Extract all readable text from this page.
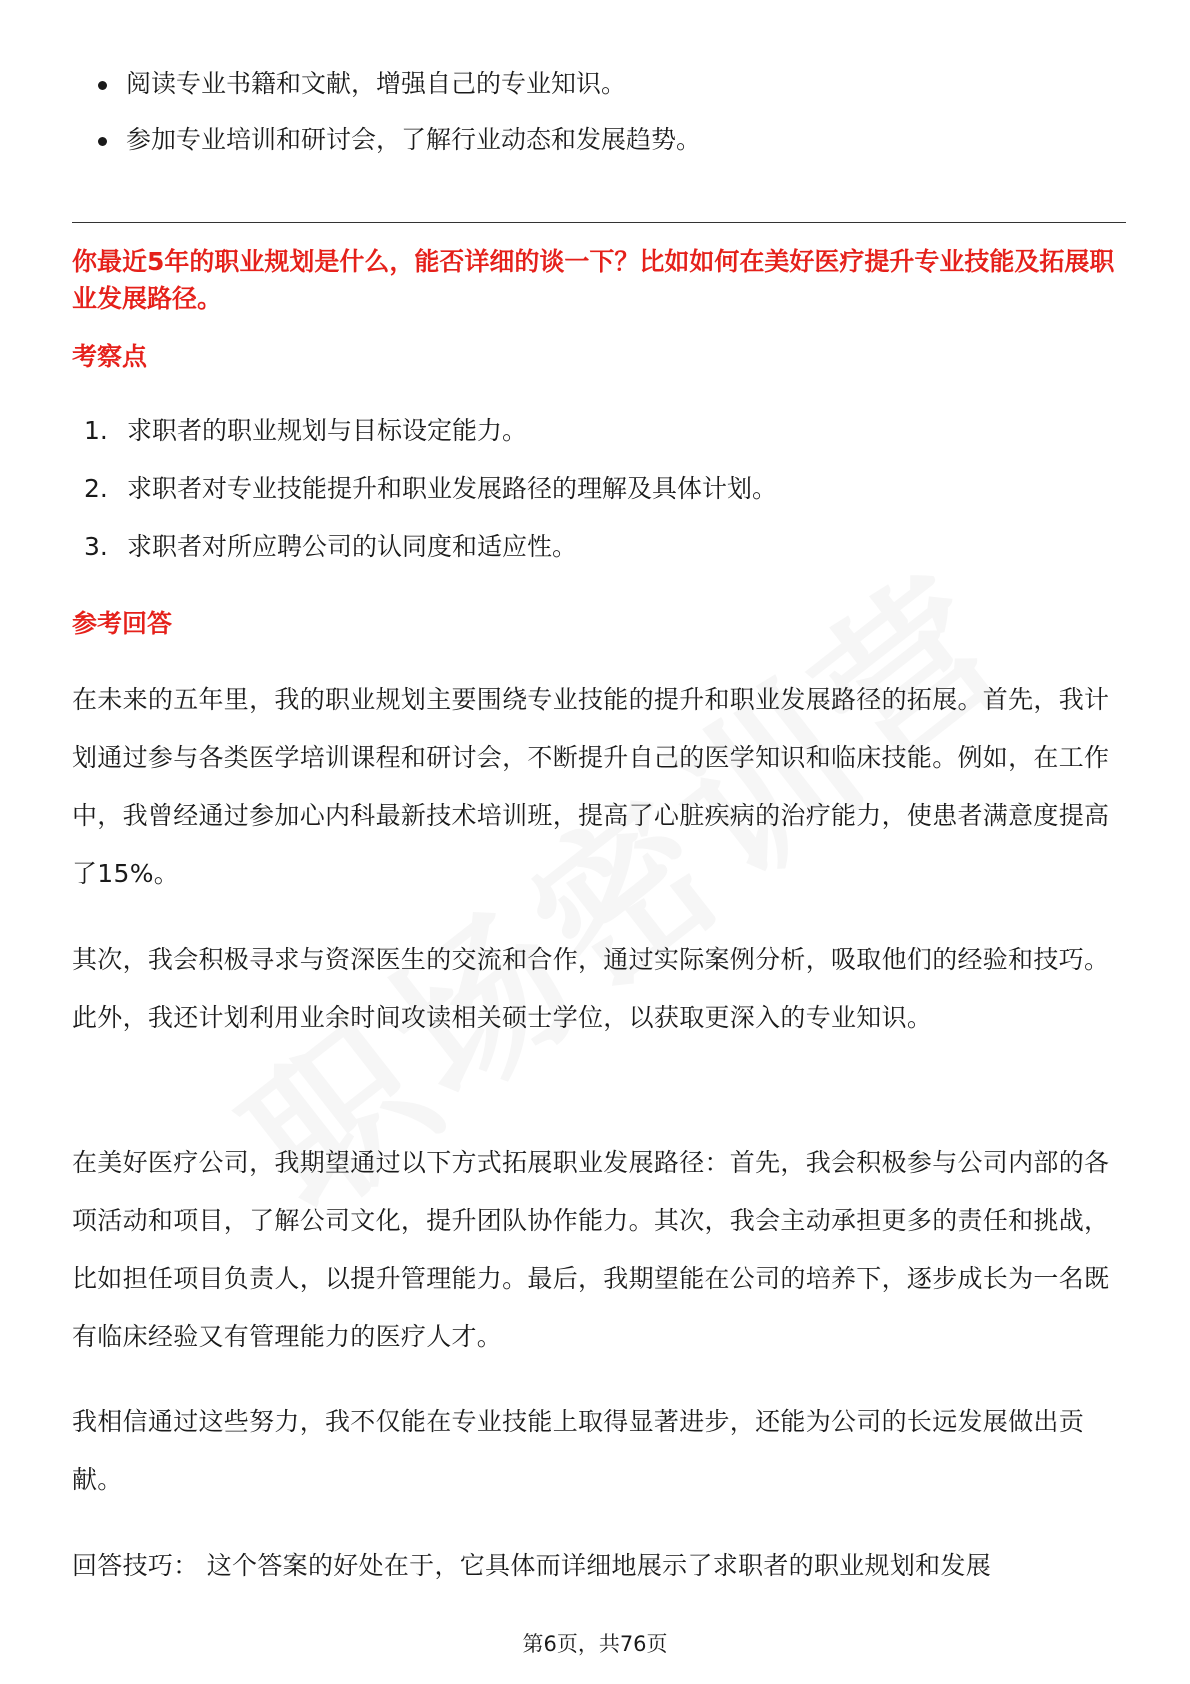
阅读专业书籍和文献，增强自己的专业知识。
参加专业培训和研讨会，了解行业动态和发展趋势。
你最近5年的职业规划是什么，能否详细的谈一下？比如如何在美好医疗提升专业技能及拓展职业发展路径。
考察点
1. 求职者的职业规划与目标设定能力。
2. 求职者对专业技能提升和职业发展路径的理解及具体计划。
3. 求职者对所应聘公司的认同度和适应性。
参考回答
在未来的五年里，我的职业规划主要围绕专业技能的提升和职业发展路径的拓展。首先，我计划通过参与各类医学培训课程和研讨会，不断提升自己的医学知识和临床技能。例如，在工作中，我曾经通过参加心内科最新技术培训班，提高了心脏疾病的治疗能力，使患者满意度提高了15%。
其次，我会积极寻求与资深医生的交流和合作，通过实际案例分析，吸取他们的经验和技巧。此外，我还计划利用业余时间攻读相关硕士学位，以获取更深入的专业知识。
在美好医疗公司，我期望通过以下方式拓展职业发展路径：首先，我会积极参与公司内部的各项活动和项目，了解公司文化，提升团队协作能力。其次，我会主动承担更多的责任和挑战，比如担任项目负责人，以提升管理能力。最后，我期望能在公司的培养下，逐步成长为一名既有临床经验又有管理能力的医疗人才。
我相信通过这些努力，我不仅能在专业技能上取得显著进步，还能为公司的长远发展做出贡献。
回答技巧： 这个答案的好处在于，它具体而详细地展示了求职者的职业规划和发展
第6页，共76页
